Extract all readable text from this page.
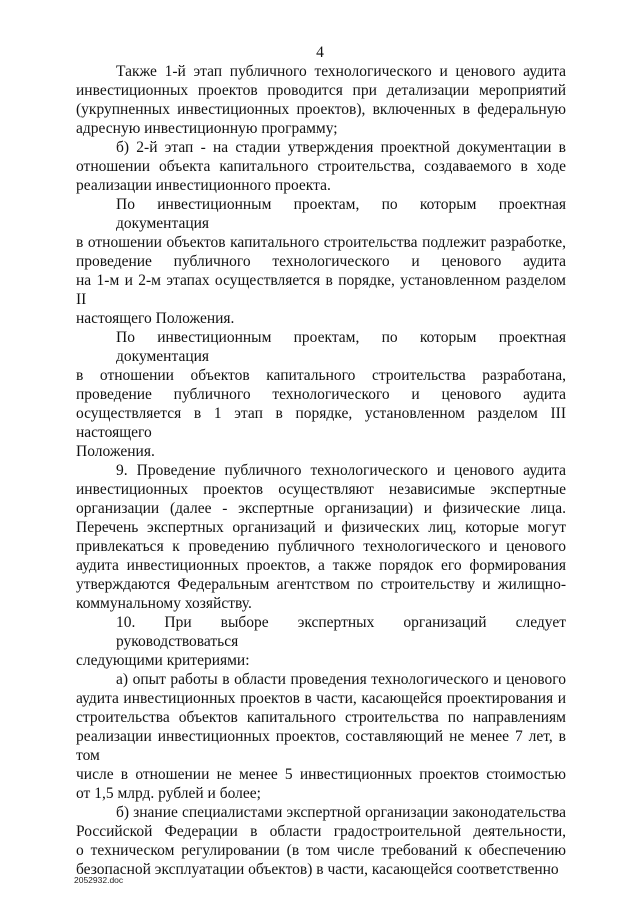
4
Также 1-й этап публичного технологического и ценового аудита
инвестиционных проектов проводится при детализации мероприятий
(укрупненных инвестиционных проектов), включенных в федеральную
адресную инвестиционную программу;
б) 2-й этап - на стадии утверждения проектной документации в
отношении объекта капитального строительства, создаваемого в ходе
реализации инвестиционного проекта.
По инвестиционным проектам, по которым проектная документация
в отношении объектов капитального строительства подлежит разработке,
проведение публичного технологического и ценового аудита
на 1-м и 2-м этапах осуществляется в порядке, установленном разделом II
настоящего Положения.
По инвестиционным проектам, по которым проектная документация
в отношении объектов капитального строительства разработана,
проведение публичного технологического и ценового аудита
осуществляется в 1 этап в порядке, установленном разделом III настоящего
Положения.
9. Проведение публичного технологического и ценового аудита
инвестиционных проектов осуществляют независимые экспертные
организации (далее - экспертные организации) и физические лица.
Перечень экспертных организаций и физических лиц, которые могут
привлекаться к проведению публичного технологического и ценового
аудита инвестиционных проектов, а также порядок его формирования
утверждаются Федеральным агентством по строительству и жилищно-
коммунальному хозяйству.
10. При выборе экспертных организаций следует руководствоваться
следующими критериями:
а) опыт работы в области проведения технологического и ценового
аудита инвестиционных проектов в части, касающейся проектирования и
строительства объектов капитального строительства по направлениям
реализации инвестиционных проектов, составляющий не менее 7 лет, в том
числе в отношении не менее 5 инвестиционных проектов стоимостью
от 1,5 млрд. рублей и более;
б) знание специалистами экспертной организации законодательства
Российской Федерации в области градостроительной деятельности,
о техническом регулировании (в том числе требований к обеспечению
безопасной эксплуатации объектов) в части, касающейся соответственно
2052932.doc
